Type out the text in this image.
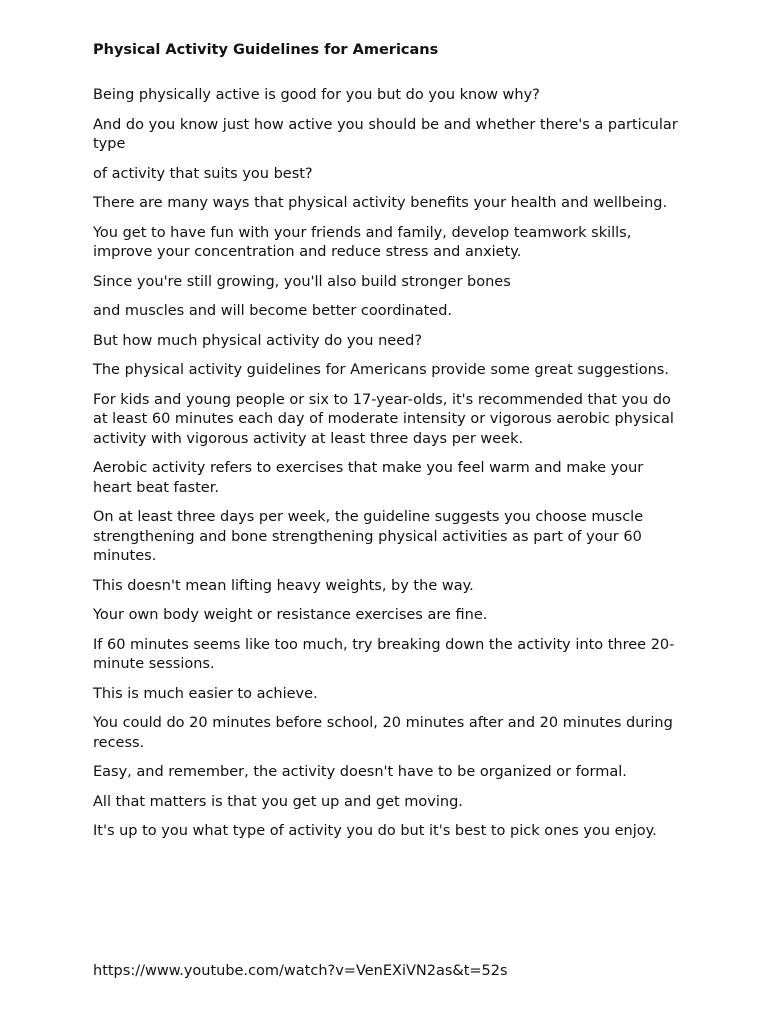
Physical Activity Guidelines for Americans

Being physically active is good for you but do you know why?

And do you know just how active you should be and whether there's a particular type

of activity that suits you best?

There are many ways that physical activity benefits your health and wellbeing.

You get to have fun with your friends and family, develop teamwork skills, improve your concentration and reduce stress and anxiety.

Since you're still growing, you'll also build stronger bones

and muscles and will become better coordinated.

But how much physical activity do you need?

The physical activity guidelines for Americans provide some great suggestions.

For kids and young people or six to 17-year-olds, it's recommended that you do at least 60 minutes each day of moderate intensity or vigorous aerobic physical activity with vigorous activity at least three days per week.

Aerobic activity refers to exercises that make you feel warm and make your heart beat faster.

On at least three days per week, the guideline suggests you choose muscle strengthening and bone strengthening physical activities as part of your 60 minutes.

This doesn't mean lifting heavy weights, by the way.

Your own body weight or resistance exercises are fine.

If 60 minutes seems like too much, try breaking down the activity into three 20-minute sessions.

This is much easier to achieve.

You could do 20 minutes before school, 20 minutes after and 20 minutes during recess.

Easy, and remember, the activity doesn't have to be organized or formal.

All that matters is that you get up and get moving.

It's up to you what type of activity you do but it's best to pick ones you enjoy.

https://www.youtube.com/watch?v=VenEXiVN2as&t=52s
